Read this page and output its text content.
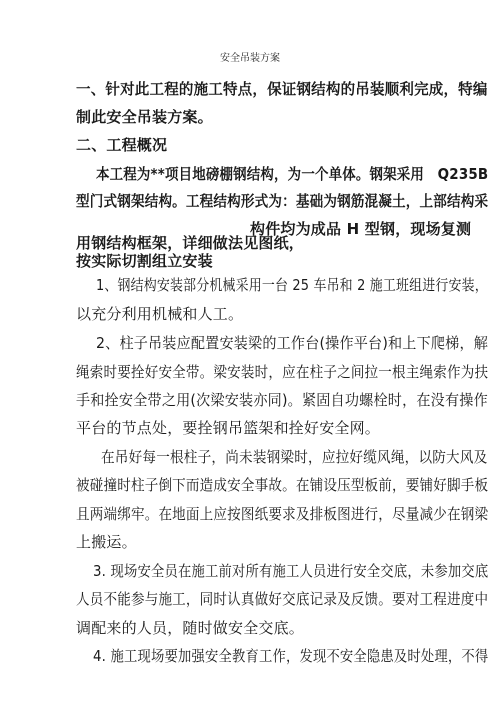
安全吊装方案
一、针对此工程的施工特点，保证钢结构的吊装顺利完成，特编
制此安全吊装方案。
二、工程概况
本工程为**项目地磅棚钢结构，为一个单体。钢架采用　Q235B
型门式钢架结构。工程结构形式为：基础为钢筋混凝土，上部结构采
构件均为成品 H 型钢，现场复测
用钢结构框架，详细做法见图纸，
按实际切割组立安装
1、钢结构安装部分机械采用一台 25 车吊和 2 施工班组进行安装，
以充分利用机械和人工。
2、柱子吊装应配置安装梁的工作台(操作平台)和上下爬梯，解
绳索时要拴好安全带。梁安装时，应在柱子之间拉一根主绳索作为扶
手和拴安全带之用(次梁安装亦同)。紧固自功螺栓时，在没有操作
平台的节点处，要拴钢吊篮架和拴好安全网。
在吊好每一根柱子，尚未装钢梁时，应拉好缆风绳，以防大风及
被碰撞时柱子倒下而造成安全事故。在铺设压型板前，要铺好脚手板
且两端绑牢。在地面上应按图纸要求及排板图进行，尽量减少在钢梁
上搬运。
3. 现场安全员在施工前对所有施工人员进行安全交底，未参加交底
人员不能参与施工，同时认真做好交底记录及反馈。要对工程进度中
调配来的人员，随时做安全交底。
4. 施工现场要加强安全教育工作，发现不安全隐患及时处理，不得
